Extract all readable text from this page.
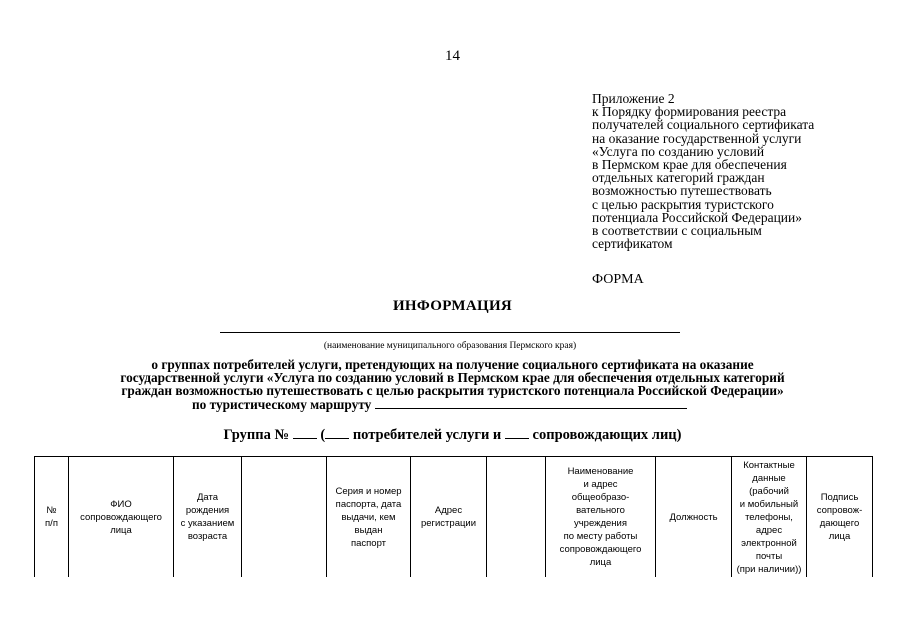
14
Приложение 2
к Порядку формирования реестра
получателей социального сертификата
на оказание государственной услуги
«Услуга по созданию условий
в Пермском крае для обеспечения
отдельных категорий граждан
возможностью путешествовать
с целью раскрытия туристского
потенциала Российской Федерации»
в соответствии с социальным
сертификатом
ФОРМА
ИНФОРМАЦИЯ
(наименование муниципального образования Пермского края)
о группах потребителей услуги, претендующих на получение социального сертификата на оказание
государственной услуги «Услуга по созданию условий в Пермском крае для обеспечения отдельных категорий
граждан возможностью путешествовать с целью раскрытия туристского потенциала Российской Федерации»
по туристическому маршруту
Группа № ( потребителей услуги и сопровождающих лиц)
№
п/п
ФИО
сопровождающего
лица
Дата
рождения
с указанием
возраста
Серия и номер
паспорта, дата
выдачи, кем выдан
паспорт
Адрес
регистрации
Наименование
и адрес
общеобразо-
вательного
учреждения
по месту работы
сопровождающего
лица
Должность
Контактные
данные
(рабочий
и мобильный
телефоны,
адрес
электронной
почты
(при наличии))
Подпись
сопровож-
дающего
лица
